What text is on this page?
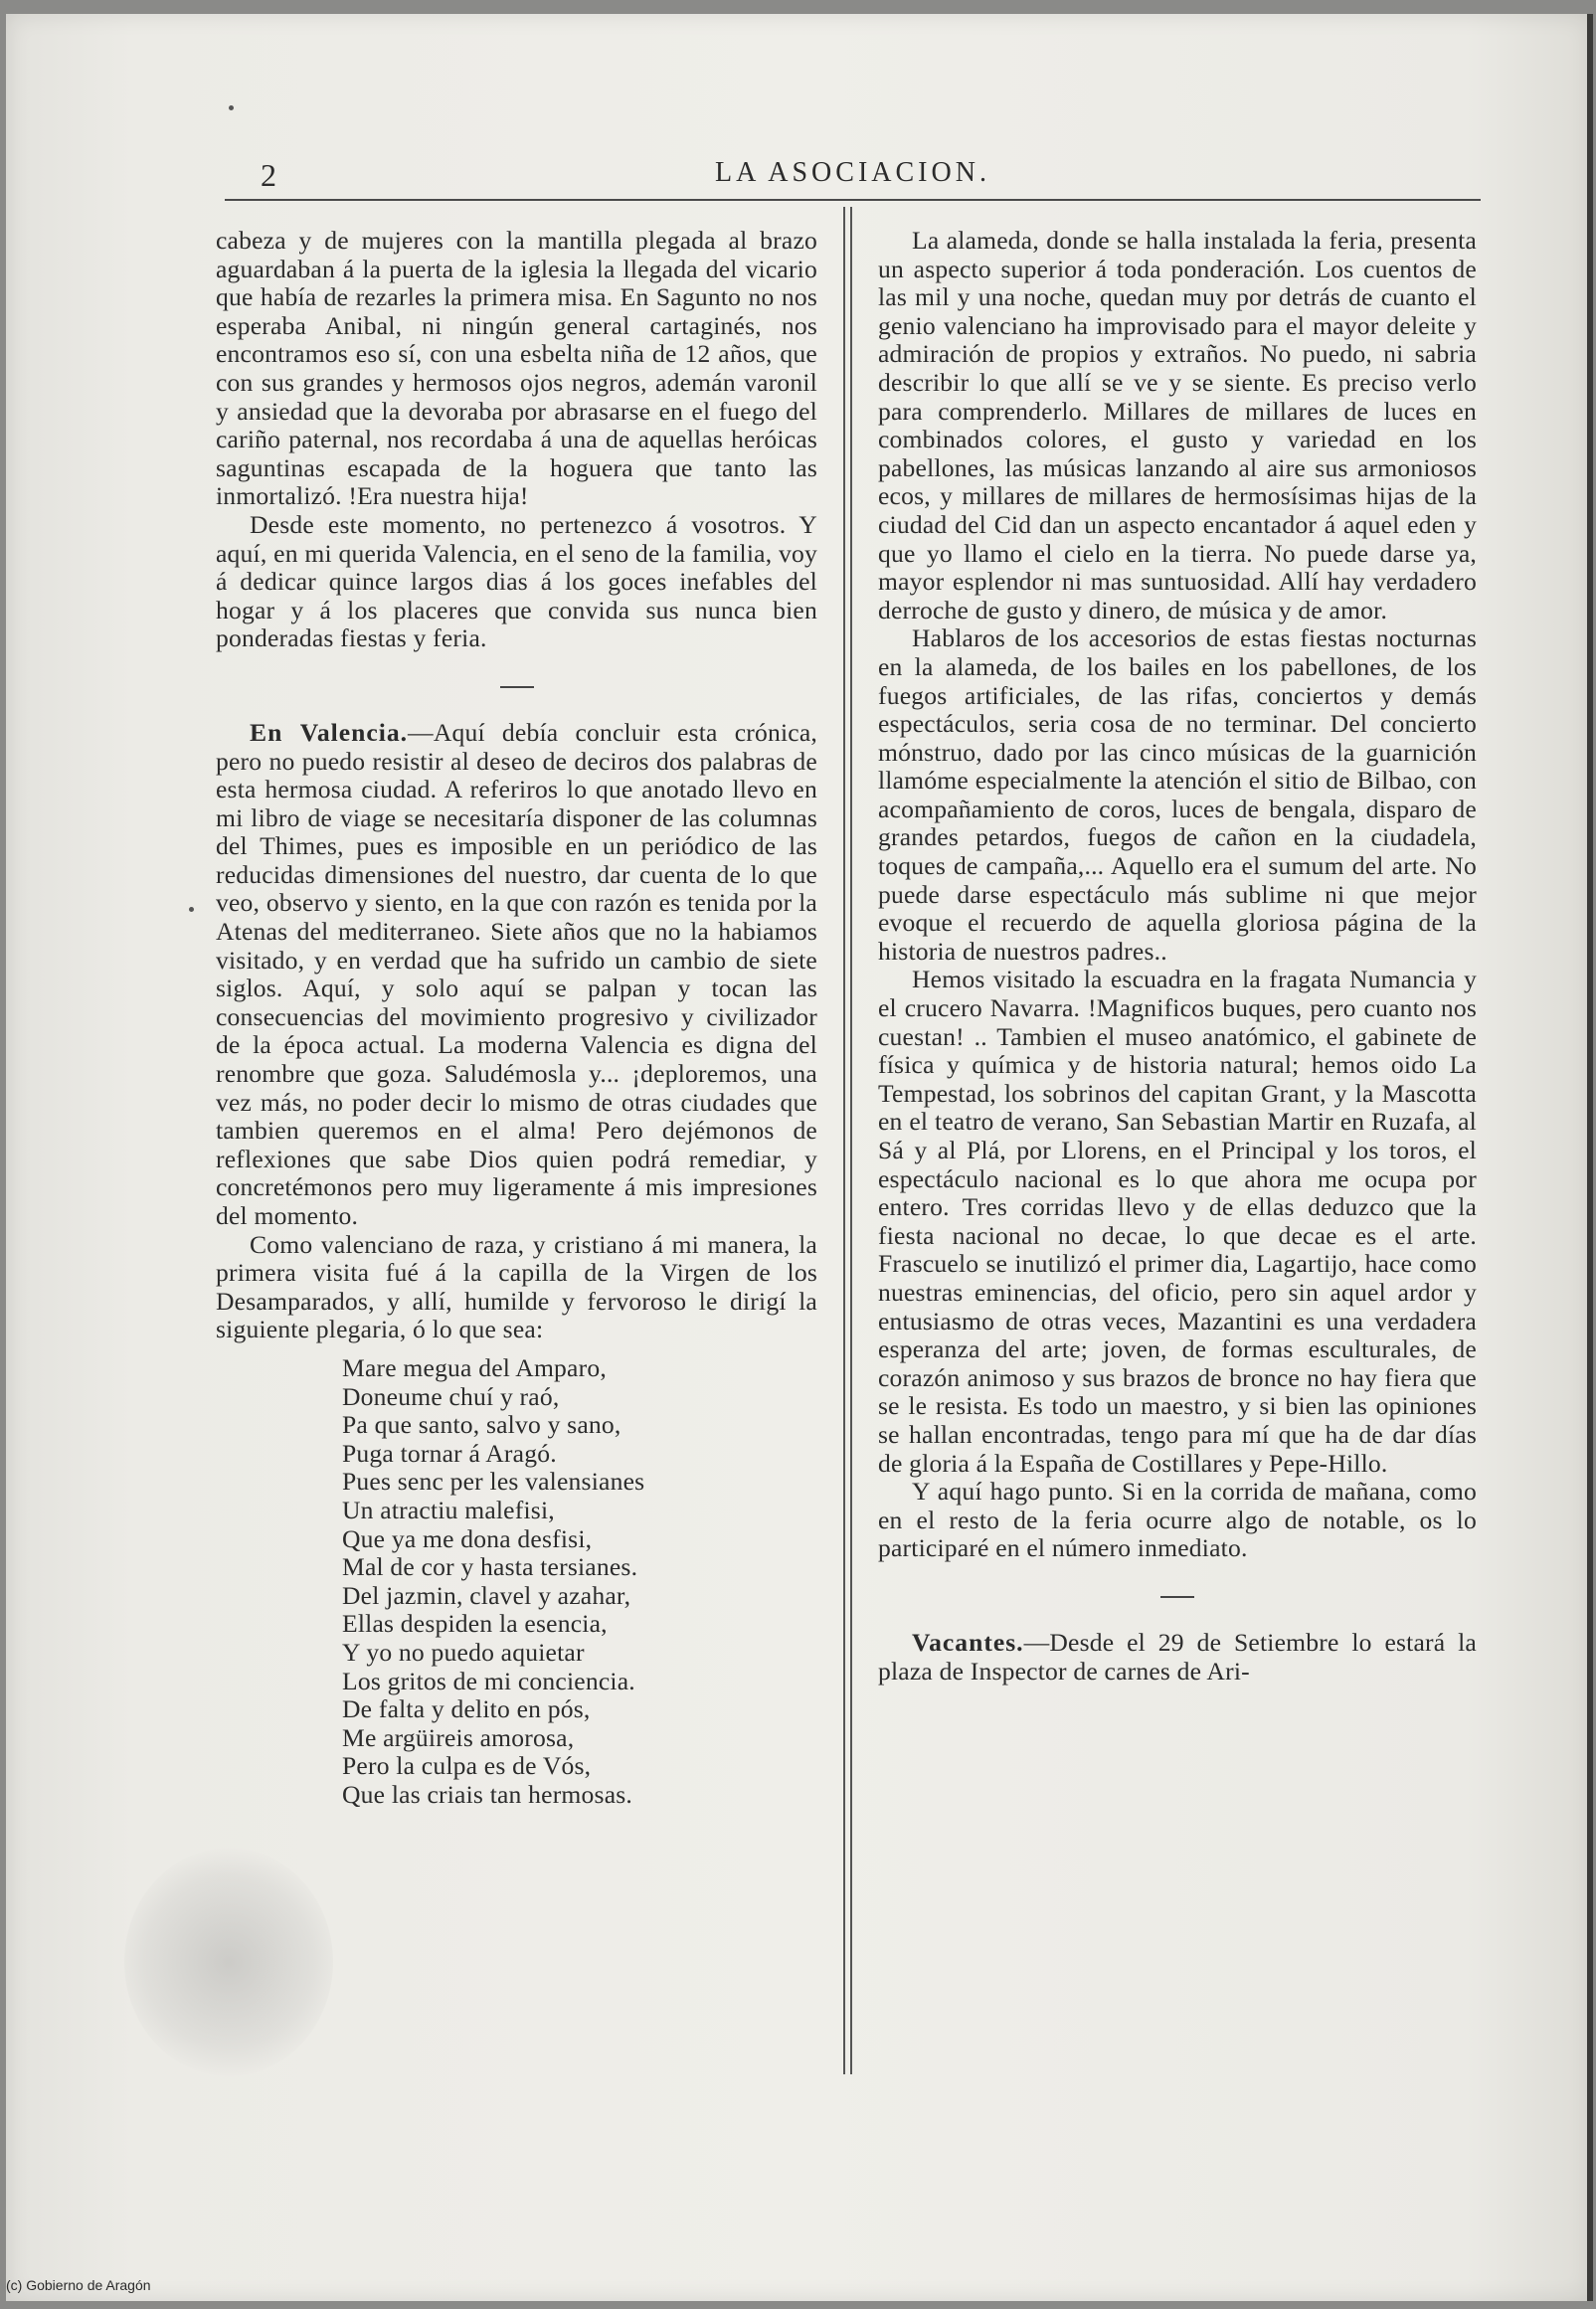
2	LA ASOCIACION.

cabeza y de mujeres con la mantilla plegada al brazo aguardaban á la puerta de la iglesia la llegada del vicario que había de rezarles la primera misa. En Sagunto no nos esperaba Anibal, ni ningún general cartaginés, nos encontramos eso sí, con una esbelta niña de 12 años, que con sus grandes y hermosos ojos negros, ademán varonil y ansiedad que la devoraba por abrasarse en el fuego del cariño paternal, nos recordaba á una de aquellas heróicas saguntinas escapada de la hoguera que tanto las inmortalizó. !Era nuestra hija!

Desde este momento, no pertenezco á vosotros. Y aquí, en mi querida Valencia, en el seno de la familia, voy á dedicar quince largos dias á los goces inefables del hogar y á los placeres que convida sus nunca bien ponderadas fiestas y feria.

En Valencia.—Aquí debía concluir esta crónica, pero no puedo resistir al deseo de deciros dos palabras de esta hermosa ciudad. A referiros lo que anotado llevo en mi libro de viage se necesitaría disponer de las columnas del Thimes, pues es imposible en un periódico de las reducidas dimensiones del nuestro, dar cuenta de lo que veo, observo y siento, en la que con razón es tenida por la Atenas del mediterraneo. Siete años que no la habiamos visitado, y en verdad que ha sufrido un cambio de siete siglos. Aquí, y solo aquí se palpan y tocan las consecuencias del movimiento progresivo y civilizador de la época actual. La moderna Valencia es digna del renombre que goza. Saludémosla y... ¡deploremos, una vez más, no poder decir lo mismo de otras ciudades que tambien queremos en el alma! Pero dejémonos de reflexiones que sabe Dios quien podrá remediar, y concretémonos pero muy ligeramente á mis impresiones del momento.

Como valenciano de raza, y cristiano á mi manera, la primera visita fué á la capilla de la Virgen de los Desamparados, y allí, humilde y fervoroso le dirigí la siguiente plegaria, ó lo que sea:

Mare megua del Amparo,
Doneume chuí y raó,
Pa que santo, salvo y sano,
Puga tornar á Aragó.
Pues senc per les valensianes
Un atractiu malefisi,
Que ya me dona desfisi,
Mal de cor y hasta tersianes.
Del jazmin, clavel y azahar,
Ellas despiden la esencia,
Y yo no puedo aquietar
Los gritos de mi conciencia.
De falta y delito en pós,
Me argüireis amorosa,
Pero la culpa es de Vós,
Que las criais tan hermosas.

La alameda, donde se halla instalada la feria, presenta un aspecto superior á toda ponderación. Los cuentos de las mil y una noche, quedan muy por detrás de cuanto el genio valenciano ha improvisado para el mayor deleite y admiración de propios y extraños. No puedo, ni sabria describir lo que allí se ve y se siente. Es preciso verlo para comprenderlo. Millares de millares de luces en combinados colores, el gusto y variedad en los pabellones, las músicas lanzando al aire sus armoniosos ecos, y millares de millares de hermosísimas hijas de la ciudad del Cid dan un aspecto encantador á aquel eden y que yo llamo el cielo en la tierra. No puede darse ya, mayor esplendor ni mas suntuosidad. Allí hay verdadero derroche de gusto y dinero, de música y de amor.

Hablaros de los accesorios de estas fiestas nocturnas en la alameda, de los bailes en los pabellones, de los fuegos artificiales, de las rifas, conciertos y demás espectáculos, seria cosa de no terminar. Del concierto mónstruo, dado por las cinco músicas de la guarnición llamóme especialmente la atención el sitio de Bilbao, con acompañamiento de coros, luces de bengala, disparo de grandes petardos, fuegos de cañon en la ciudadela, toques de campaña,... Aquello era el sumum del arte. No puede darse espectáculo más sublime ni que mejor evoque el recuerdo de aquella gloriosa página de la historia de nuestros padres..

Hemos visitado la escuadra en la fragata Numancia y el crucero Navarra. !Magnificos buques, pero cuanto nos cuestan! .. Tambien el museo anatómico, el gabinete de física y química y de historia natural; hemos oido La Tempestad, los sobrinos del capitan Grant, y la Mascotta en el teatro de verano, San Sebastian Martir en Ruzafa, al Sá y al Plá, por Llorens, en el Principal y los toros, el espectáculo nacional es lo que ahora me ocupa por entero. Tres corridas llevo y de ellas deduzco que la fiesta nacional no decae, lo que decae es el arte. Frascuelo se inutilizó el primer dia, Lagartijo, hace como nuestras eminencias, del oficio, pero sin aquel ardor y entusiasmo de otras veces, Mazantini es una verdadera esperanza del arte; joven, de formas esculturales, de corazón animoso y sus brazos de bronce no hay fiera que se le resista. Es todo un maestro, y si bien las opiniones se hallan encontradas, tengo para mí que ha de dar días de gloria á la España de Costillares y Pepe-Hillo.

Y aquí hago punto. Si en la corrida de mañana, como en el resto de la feria ocurre algo de notable, os lo participaré en el número inmediato.

Vacantes.—Desde el 29 de Setiembre lo estará la plaza de Inspector de carnes de Ari-

(c) Gobierno de Aragón
